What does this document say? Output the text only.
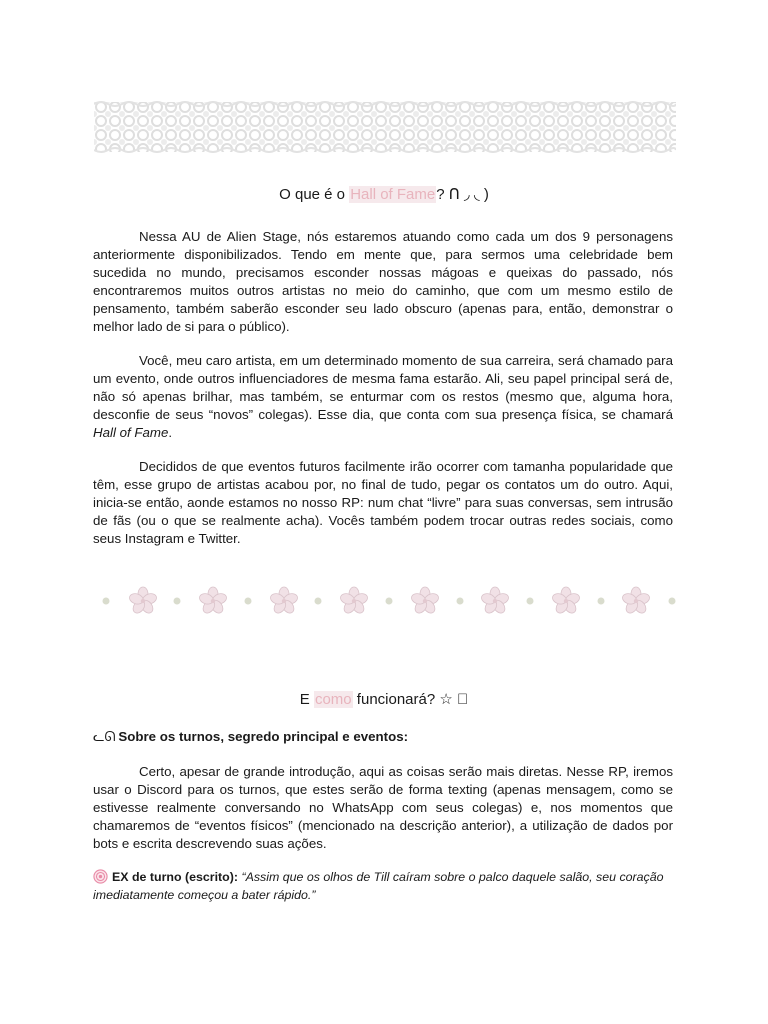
O que é o Hall of Fame? ᑎ ◞ ◟ )

Nessa AU de Alien Stage, nós estaremos atuando como cada um dos 9 personagens anteriormente disponibilizados. Tendo em mente que, para sermos uma celebridade bem sucedida no mundo, precisamos esconder nossas mágoas e queixas do passado, nós encontraremos muitos outros artistas no meio do caminho, que com um mesmo estilo de pensamento, também saberão esconder seu lado obscuro (apenas para, então, demonstrar o melhor lado de si para o público).

Você, meu caro artista, em um determinado momento de sua carreira, será chamado para um evento, onde outros influenciadores de mesma fama estarão. Ali, seu papel principal será de, não só apenas brilhar, mas também, se enturmar com os restos (mesmo que, alguma hora, desconfie de seus “novos” colegas). Esse dia, que conta com sua presença física, se chamará Hall of Fame.

Decididos de que eventos futuros facilmente irão ocorrer com tamanha popularidade que têm, esse grupo de artistas acabou por, no final de tudo, pegar os contatos um do outro. Aqui, inicia-se então, aonde estamos no nosso RP: num chat “livre” para suas conversas, sem intrusão de fãs (ou o que se realmente acha). Vocês também podem trocar outras redes sociais, como seus Instagram e Twitter.

E como funcionará? ☆ ⃞
ᓚᘏ Sobre os turnos, segredo principal e eventos:

Certo, apesar de grande introdução, aqui as coisas serão mais diretas. Nesse RP, iremos usar o Discord para os turnos, que estes serão de forma texting (apenas mensagem, como se estivesse realmente conversando no WhatsApp com seus colegas) e, nos momentos que chamaremos de “eventos físicos” (mencionado na descrição anterior), a utilização de dados por bots e escrita descrevendo suas ações.

EX de turno (escrito): “Assim que os olhos de Till caíram sobre o palco daquele salão, seu coração imediatamente começou a bater rápido.”
